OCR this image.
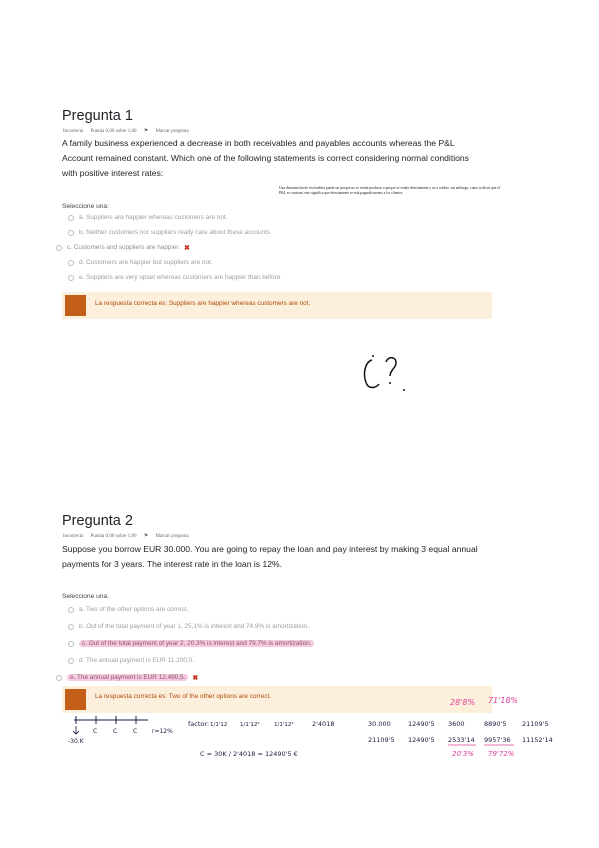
Pregunta 1
Incorrecta Puntúa 0,00 sobre 1,00 ⚑ Marcar pregunta
A family business experienced a decrease in both receivables and payables accounts whereas the P&L Account remained constant. Which one of the following statements is correct considering normal conditions with positive interest rates:
Una disminución de receivables puede ser porque no se venda producto o porque se venda directamente y no a crédito, sin embargo, como te dicen que el P&L es constant, esto significa que directamente se está pagando menos a los clientes.
Seleccione una:
a. Suppliers are happier whereas customers are not.
b. Neither customers nor suppliers really care about these accounts
c. Customers and suppliers are happier. ✖
d. Customers are happier but suppliers are not.
e. Suppliers are very upset whereas customers are happier than before
La respuesta correcta es: Suppliers are happier whereas customers are not.
Pregunta 2
Incorrecta Puntúa 0,00 sobre 1,00 ⚑ Marcar pregunta
Suppose you borrow EUR 30.000. You are going to repay the loan and pay interest by making 3 equal annual payments for 3 years. The interest rate in the loan is 12%.
Seleccione una:
a. Two of the other options are correct.
b. Out of the total payment of year 1, 25,1% is interest and 74.9% is amortization.
c. Out of the total payment of year 2, 20.3% is interest and 79.7% is amortization.
d. The annual payment is EUR 11.200,0.
e. The annual payment is EUR 12.490,5.	✖
La respuesta correcta es: Two of the other options are correct.
28'8% 71'18%
-30.K
C	C	C r=12%
factor: 1/1'12 1/1'12²	1/1'12³	2'4018
C = 30K / 2'4018 = 12490'5 €
30.000	12490'5 3600	8890'5 21109'5
21109'5 12490'5 2533'14 9957'36 11152'14
20'3% 79'72%
